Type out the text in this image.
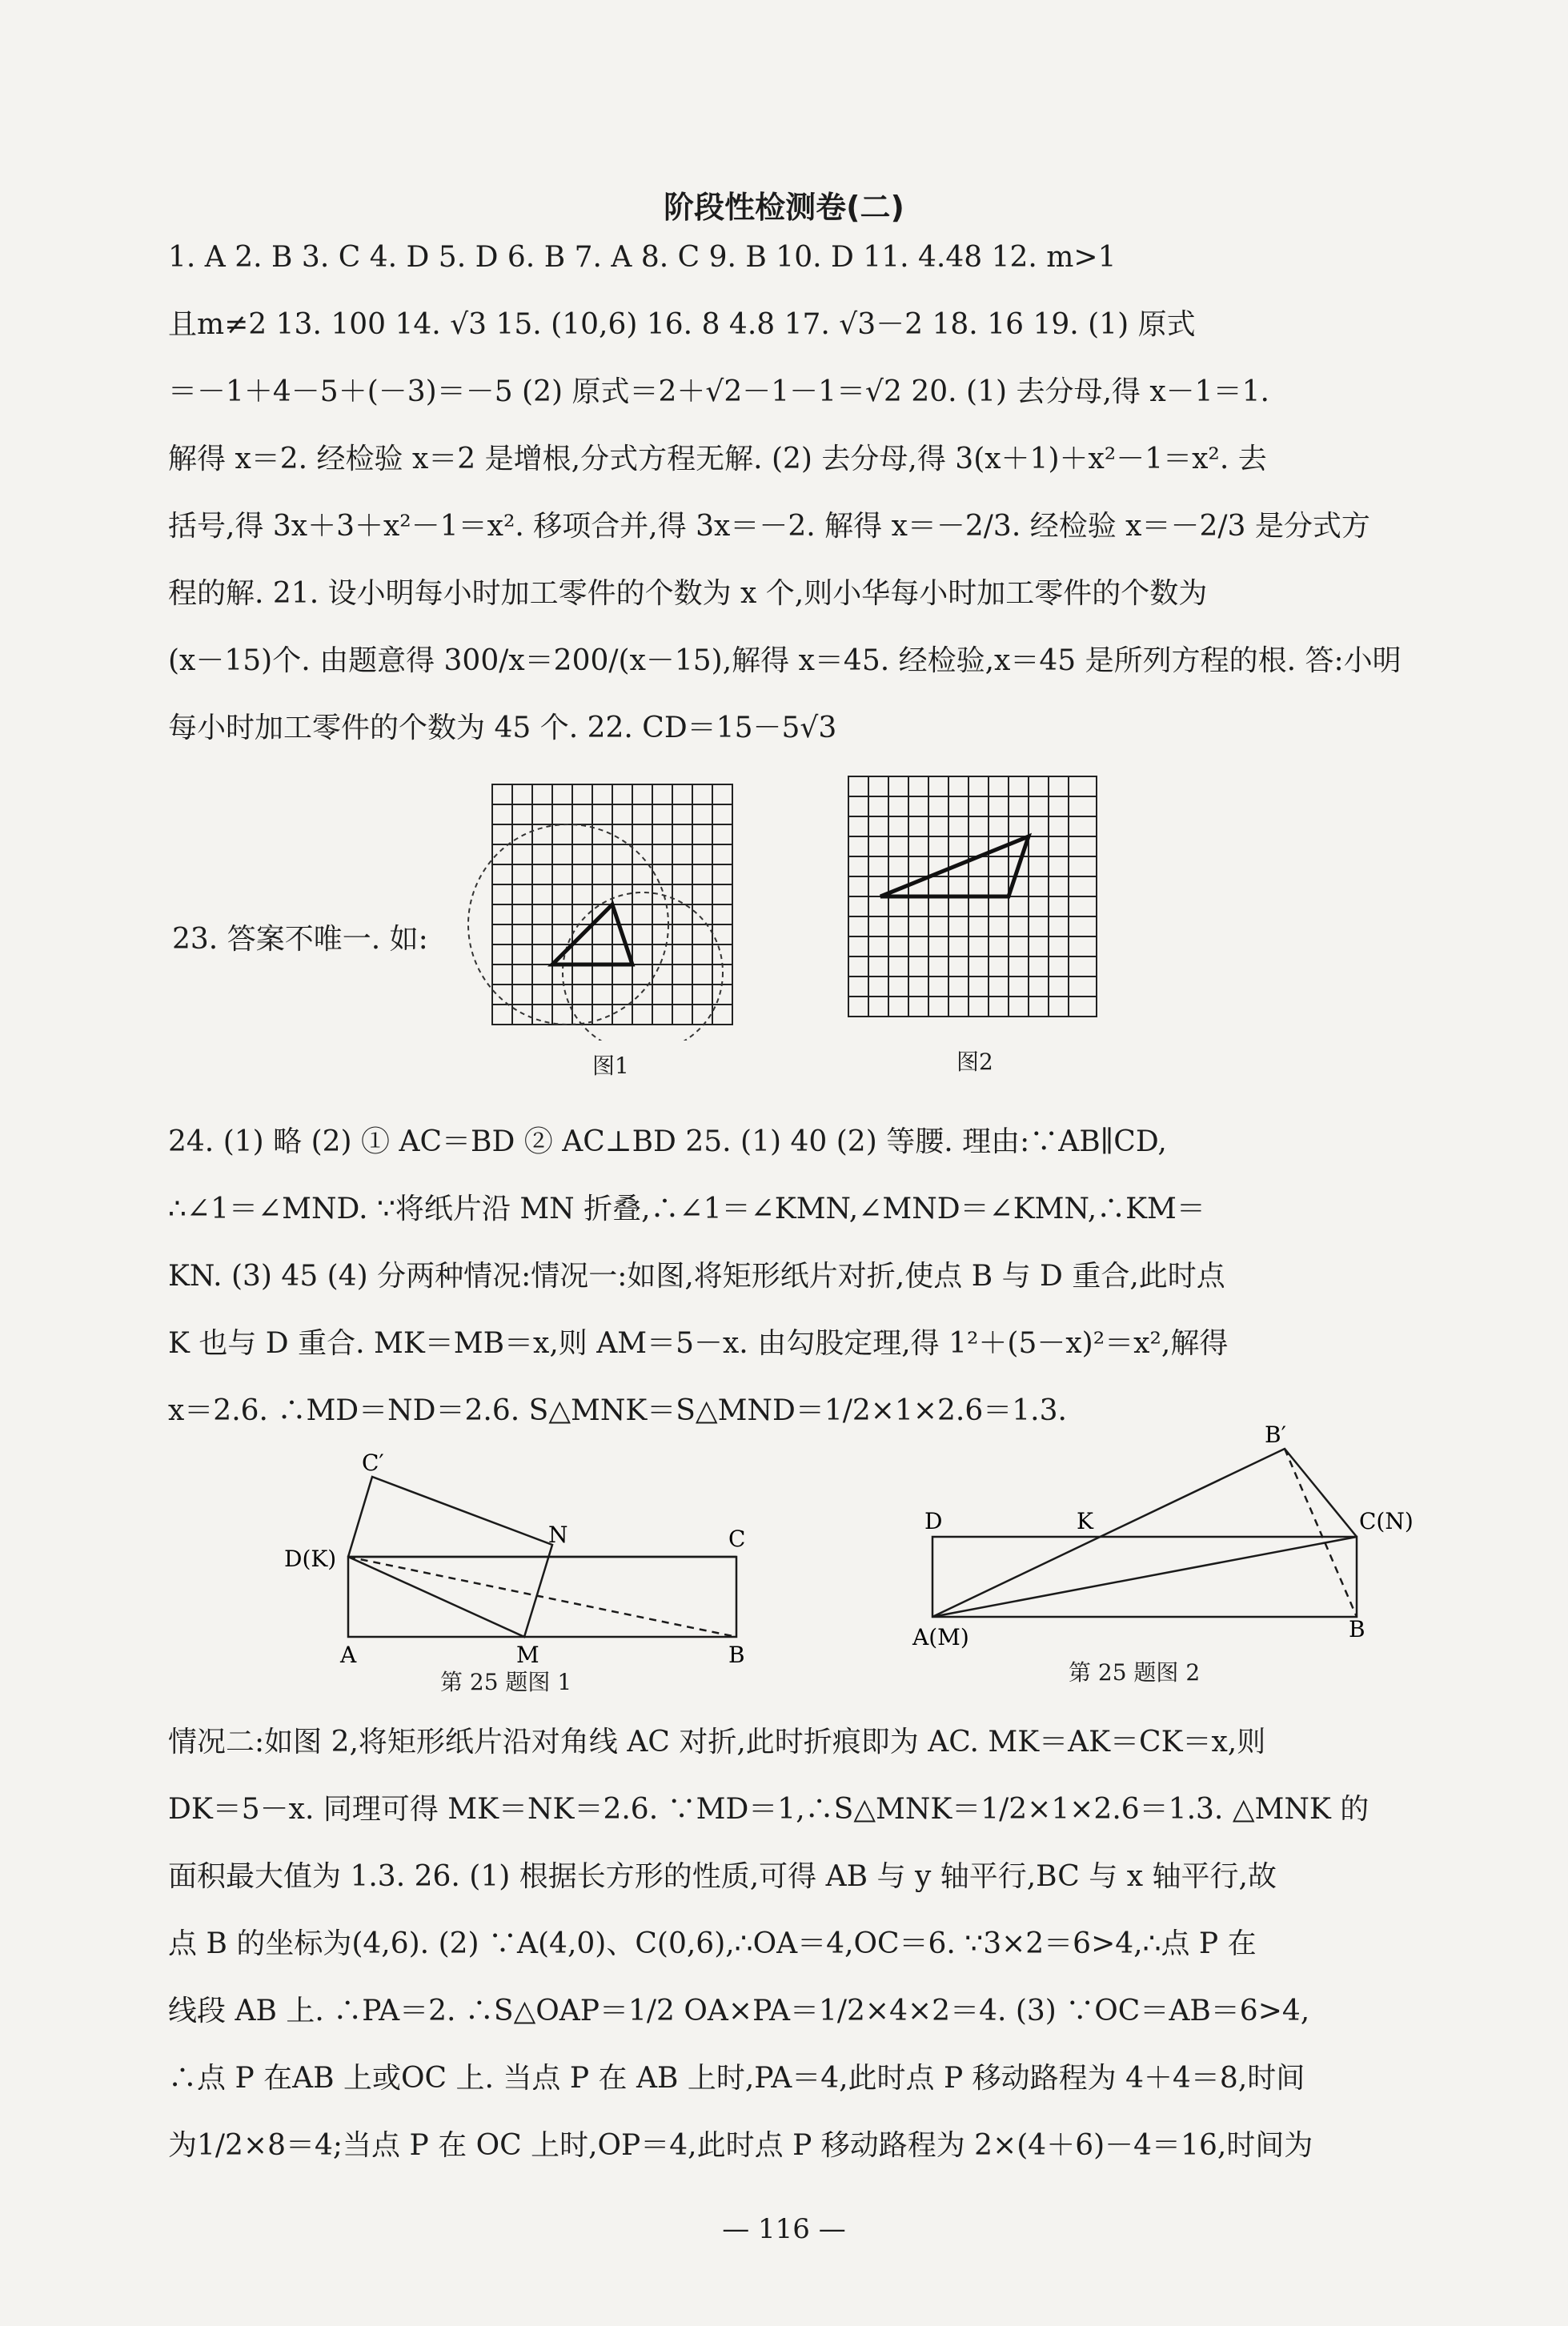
阶段性检测卷(二)

1. A 2. B 3. C 4. D 5. D 6. B 7. A 8. C 9. B 10. D 11. 4.48 12. m>1

且m≠2 13. 100 14. √3 15. (10,6) 16. 8 4.8 17. √3－2 18. 16 19. (1) 原式

＝－1＋4－5＋(－3)＝－5 (2) 原式＝2＋√2－1－1＝√2 20. (1) 去分母,得 x－1＝1.

解得 x＝2. 经检验 x＝2 是增根,分式方程无解. (2) 去分母,得 3(x＋1)＋x²－1＝x². 去

括号,得 3x＋3＋x²－1＝x². 移项合并,得 3x＝－2. 解得 x＝－2/3. 经检验 x＝－2/3 是分式方

程的解. 21. 设小明每小时加工零件的个数为 x 个,则小华每小时加工零件的个数为

(x－15)个. 由题意得 300/x＝200/(x－15),解得 x＝45. 经检验,x＝45 是所列方程的根. 答:小明

每小时加工零件的个数为 45 个. 22. CD＝15－5√3

23. 答案不唯一. 如:
图1	图2

24. (1) 略 (2) ① AC＝BD ② AC⊥BD 25. (1) 40 (2) 等腰. 理由:∵AB∥CD,

∴∠1＝∠MND. ∵将纸片沿 MN 折叠,∴∠1＝∠KMN,∠MND＝∠KMN,∴KM＝

KN. (3) 45 (4) 分两种情况:情况一:如图,将矩形纸片对折,使点 B 与 D 重合,此时点

K 也与 D 重合. MK＝MB＝x,则 AM＝5－x. 由勾股定理,得 1²＋(5－x)²＝x²,解得

x＝2.6. ∴MD＝ND＝2.6. S△MNK＝S△MND＝1/2×1×2.6＝1.3.

C′
D(K)
N	C
A	M	B
第 25 题图 1
B′
D	K	C(N)
A(M)	B
第 25 题图 2

情况二:如图 2,将矩形纸片沿对角线 AC 对折,此时折痕即为 AC. MK＝AK＝CK＝x,则

DK＝5－x. 同理可得 MK＝NK＝2.6. ∵MD＝1,∴S△MNK＝1/2×1×2.6＝1.3. △MNK 的

面积最大值为 1.3. 26. (1) 根据长方形的性质,可得 AB 与 y 轴平行,BC 与 x 轴平行,故

点 B 的坐标为(4,6). (2) ∵A(4,0)、C(0,6),∴OA＝4,OC＝6. ∵3×2＝6>4,∴点 P 在

线段 AB 上. ∴PA＝2. ∴S△OAP＝1/2 OA×PA＝1/2×4×2＝4. (3) ∵OC＝AB＝6>4,

∴点 P 在AB 上或OC 上. 当点 P 在 AB 上时,PA＝4,此时点 P 移动路程为 4＋4＝8,时间

为1/2×8＝4;当点 P 在 OC 上时,OP＝4,此时点 P 移动路程为 2×(4＋6)－4＝16,时间为

— 116 —
